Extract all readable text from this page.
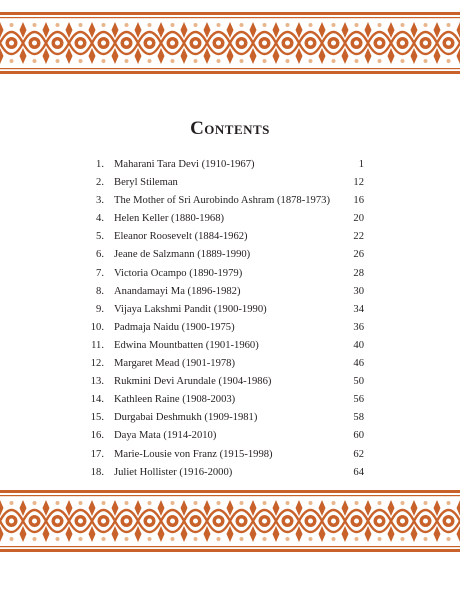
Contents
1. Maharani Tara Devi (1910-1967)	1
2. Beryl Stileman	12
3. The Mother of Sri Aurobindo Ashram (1878-1973)	16
4. Helen Keller (1880-1968)	20
5. Eleanor Roosevelt (1884-1962)	22
6. Jeane de Salzmann (1889-1990)	26
7. Victoria Ocampo (1890-1979)	28
8. Anandamayi Ma (1896-1982)	30
9. Vijaya Lakshmi Pandit (1900-1990)	34
10. Padmaja Naidu (1900-1975)	36
11. Edwina Mountbatten (1901-1960)	40
12. Margaret Mead (1901-1978)	46
13. Rukmini Devi Arundale (1904-1986)	50
14. Kathleen Raine (1908-2003)	56
15. Durgabai Deshmukh (1909-1981)	58
16. Daya Mata (1914-2010)	60
17. Marie-Lousie von Franz (1915-1998)	62
18. Juliet Hollister (1916-2000)	64
